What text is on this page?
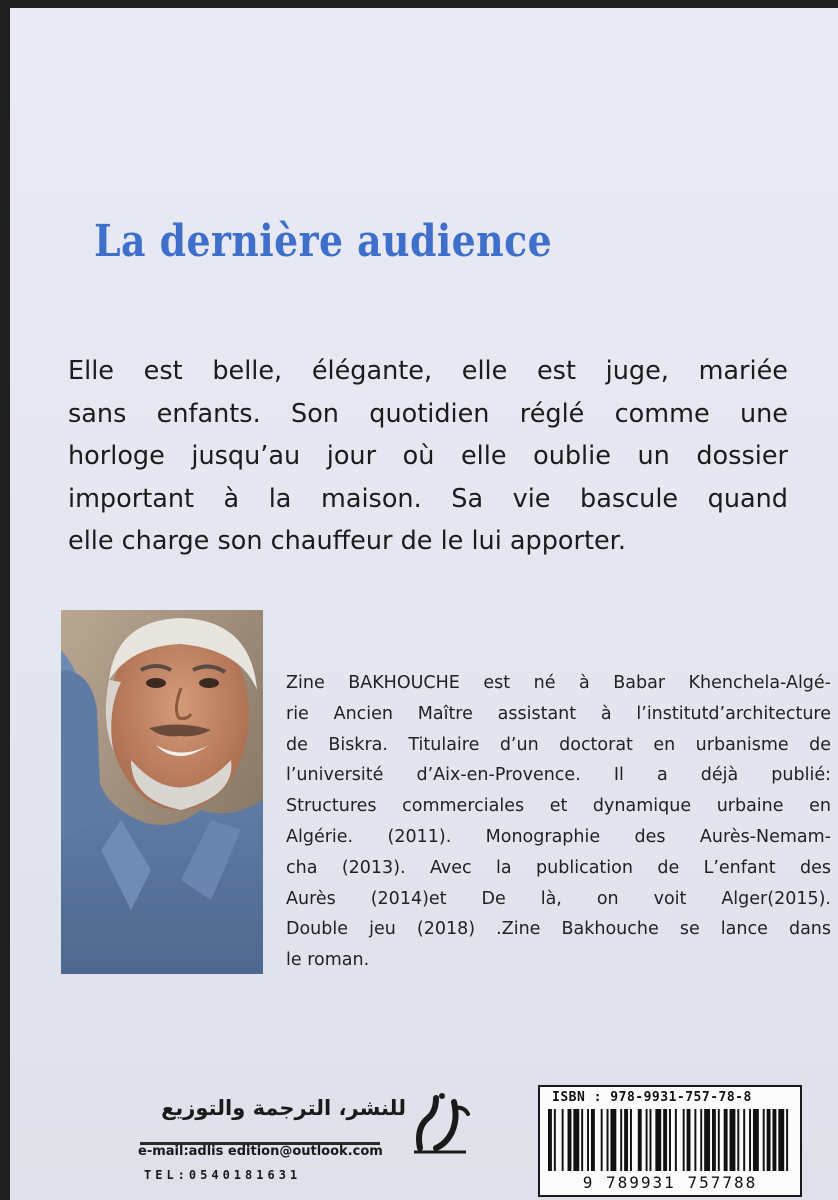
La dernière audience

Elle est belle, élégante, elle est juge, mariée
sans enfants. Son quotidien réglé comme une
horloge jusqu’au jour où elle oublie un dossier
important à la maison. Sa vie bascule quand
elle charge son chauffeur de le lui apporter.

Zine BAKHOUCHE est né à Babar Khenchela-Algé-
rie Ancien Maître assistant à l’institutd’architecture
de Biskra. Titulaire d’un doctorat en urbanisme de
l’université d’Aix-en-Provence. Il a déjà publié:
Structures commerciales et dynamique urbaine en
Algérie. (2011). Monographie des Aurès-Nemam-
cha (2013). Avec la publication de L’enfant des
Aurès (2014)et De là, on voit Alger(2015).
Double jeu (2018) .Zine Bakhouche se lance dans
le roman.

للنشر، الترجمة والتوزيع
e-mail:adlis edition@outlook.com
TEL:0540181631
ISBN : 978-9931-757-78-8
9 789931 757788
